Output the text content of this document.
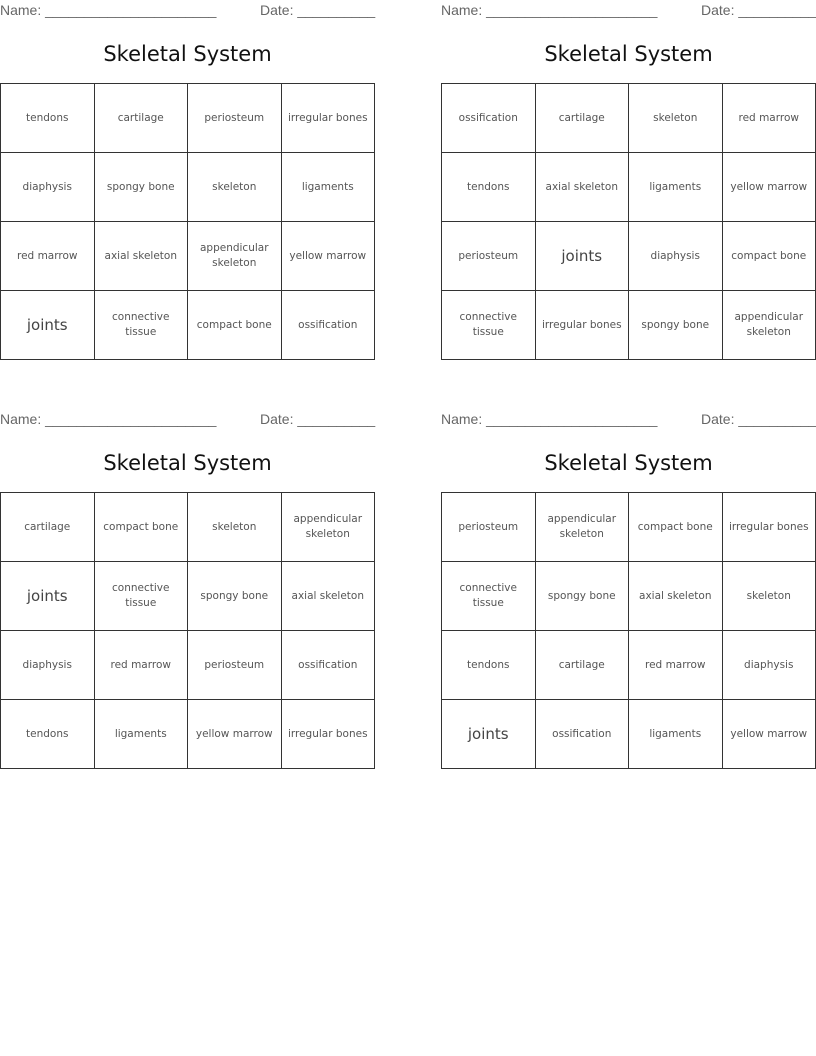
Name: ______________________	Date: __________
Skeletal System
tendons	cartilage	periosteum	irregular bones
diaphysis	spongy bone	skeleton	ligaments
red marrow	axial skeleton	appendicular skeleton	yellow marrow
joints	connective tissue	compact bone	ossification
Name: ______________________	Date: __________
Skeletal System
ossification	cartilage	skeleton	red marrow
tendons	axial skeleton	ligaments	yellow marrow
periosteum	joints	diaphysis	compact bone
connective tissue	irregular bones	spongy bone	appendicular skeleton
Name: ______________________	Date: __________
Skeletal System
cartilage	compact bone	skeleton	appendicular skeleton
joints	connective tissue	spongy bone	axial skeleton
diaphysis	red marrow	periosteum	ossification
tendons	ligaments	yellow marrow	irregular bones
Name: ______________________	Date: __________
Skeletal System
periosteum	appendicular skeleton	compact bone	irregular bones
connective tissue	spongy bone	axial skeleton	skeleton
tendons	cartilage	red marrow	diaphysis
joints	ossification	ligaments	yellow marrow
